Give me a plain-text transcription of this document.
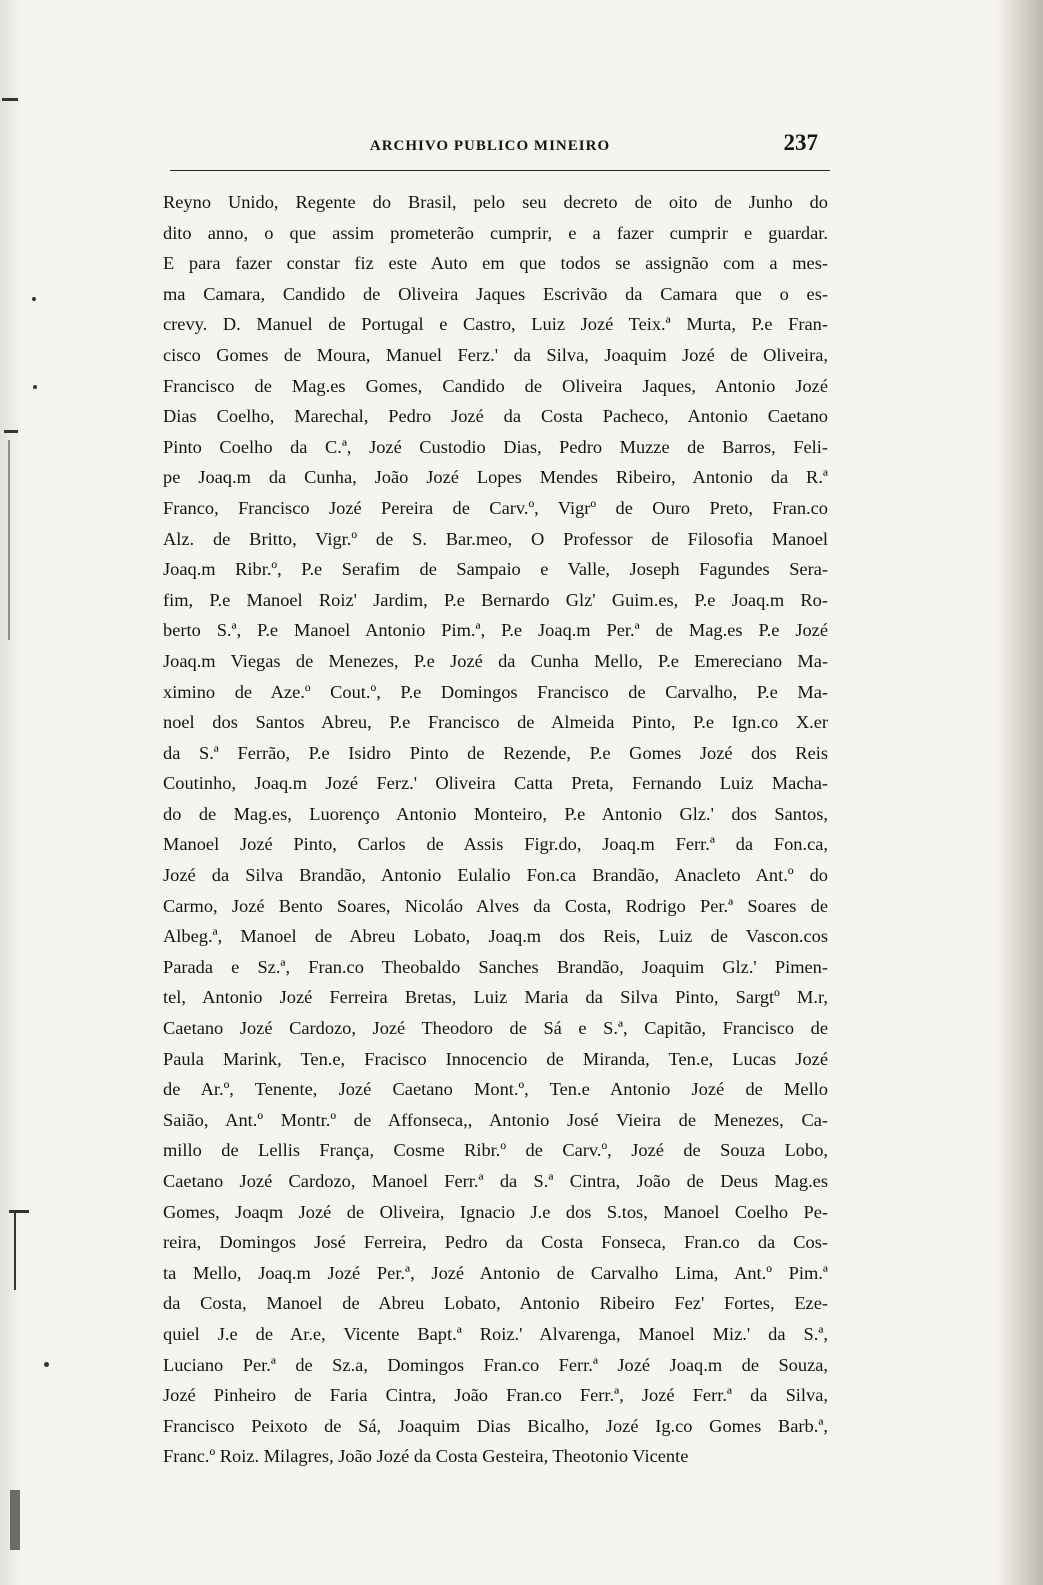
ARCHIVO PUBLICO MINEIRO	237
Reyno Unido, Regente do Brasil, pelo seu decreto de oito de Junho do
dito anno, o que assim prometerão cumprir, e a fazer cumprir e guardar.
E para fazer constar fiz este Auto em que todos se assignão com a mes-
ma Camara, Candido de Oliveira Jaques Escrivão da Camara que o es-
crevy. D. Manuel de Portugal e Castro, Luiz Jozé Teix.ª Murta, P.e Fran-
cisco Gomes de Moura, Manuel Ferz.' da Silva, Joaquim Jozé de Oliveira,
Francisco de Mag.es Gomes, Candido de Oliveira Jaques, Antonio Jozé
Dias Coelho, Marechal, Pedro Jozé da Costa Pacheco, Antonio Caetano
Pinto Coelho da C.ª, Jozé Custodio Dias, Pedro Muzze de Barros, Feli-
pe Joaq.m da Cunha, João Jozé Lopes Mendes Ribeiro, Antonio da R.ª
Franco, Francisco Jozé Pereira de Carv.º, Vigrº de Ouro Preto, Fran.co
Alz. de Britto, Vigr.º de S. Bar.meo, O Professor de Filosofia Manoel
Joaq.m Ribr.º, P.e Serafim de Sampaio e Valle, Joseph Fagundes Sera-
fim, P.e Manoel Roiz' Jardim, P.e Bernardo Glz' Guim.es, P.e Joaq.m Ro-
berto S.ª, P.e Manoel Antonio Pim.ª, P.e Joaq.m Per.ª de Mag.es P.e Jozé
Joaq.m Viegas de Menezes, P.e Jozé da Cunha Mello, P.e Emereciano Ma-
ximino de Aze.º Cout.º, P.e Domingos Francisco de Carvalho, P.e Ma-
noel dos Santos Abreu, P.e Francisco de Almeida Pinto, P.e Ign.co X.er
da S.ª Ferrão, P.e Isidro Pinto de Rezende, P.e Gomes Jozé dos Reis
Coutinho, Joaq.m Jozé Ferz.' Oliveira Catta Preta, Fernando Luiz Macha-
do de Mag.es, Luorenço Antonio Monteiro, P.e Antonio Glz.' dos Santos,
Manoel Jozé Pinto, Carlos de Assis Figr.do, Joaq.m Ferr.ª da Fon.ca,
Jozé da Silva Brandão, Antonio Eulalio Fon.ca Brandão, Anacleto Ant.º do
Carmo, Jozé Bento Soares, Nicoláo Alves da Costa, Rodrigo Per.ª Soares de
Albeg.ª, Manoel de Abreu Lobato, Joaq.m dos Reis, Luiz de Vascon.cos
Parada e Sz.ª, Fran.co Theobaldo Sanches Brandão, Joaquim Glz.' Pimen-
tel, Antonio Jozé Ferreira Bretas, Luiz Maria da Silva Pinto, Sargtº M.r,
Caetano Jozé Cardozo, Jozé Theodoro de Sá e S.ª, Capitão, Francisco de
Paula Marink, Ten.e, Fracisco Innocencio de Miranda, Ten.e, Lucas Jozé
de Ar.º, Tenente, Jozé Caetano Mont.º, Ten.e Antonio Jozé de Mello
Saião, Ant.º Montr.º de Affonseca,, Antonio José Vieira de Menezes, Ca-
millo de Lellis França, Cosme Ribr.º de Carv.º, Jozé de Souza Lobo,
Caetano Jozé Cardozo, Manoel Ferr.ª da S.ª Cintra, João de Deus Mag.es
Gomes, Joaqm Jozé de Oliveira, Ignacio J.e dos S.tos, Manoel Coelho Pe-
reira, Domingos José Ferreira, Pedro da Costa Fonseca, Fran.co da Cos-
ta Mello, Joaq.m Jozé Per.ª, Jozé Antonio de Carvalho Lima, Ant.º Pim.ª
da Costa, Manoel de Abreu Lobato, Antonio Ribeiro Fez' Fortes, Eze-
quiel J.e de Ar.e, Vicente Bapt.ª Roiz.' Alvarenga, Manoel Miz.' da S.ª,
Luciano Per.ª de Sz.a, Domingos Fran.co Ferr.ª Jozé Joaq.m de Souza,
Jozé Pinheiro de Faria Cintra, João Fran.co Ferr.ª, Jozé Ferr.ª da Silva,
Francisco Peixoto de Sá, Joaquim Dias Bicalho, Jozé Ig.co Gomes Barb.ª,
Franc.º Roiz. Milagres, João Jozé da Costa Gesteira, Theotonio Vicente
